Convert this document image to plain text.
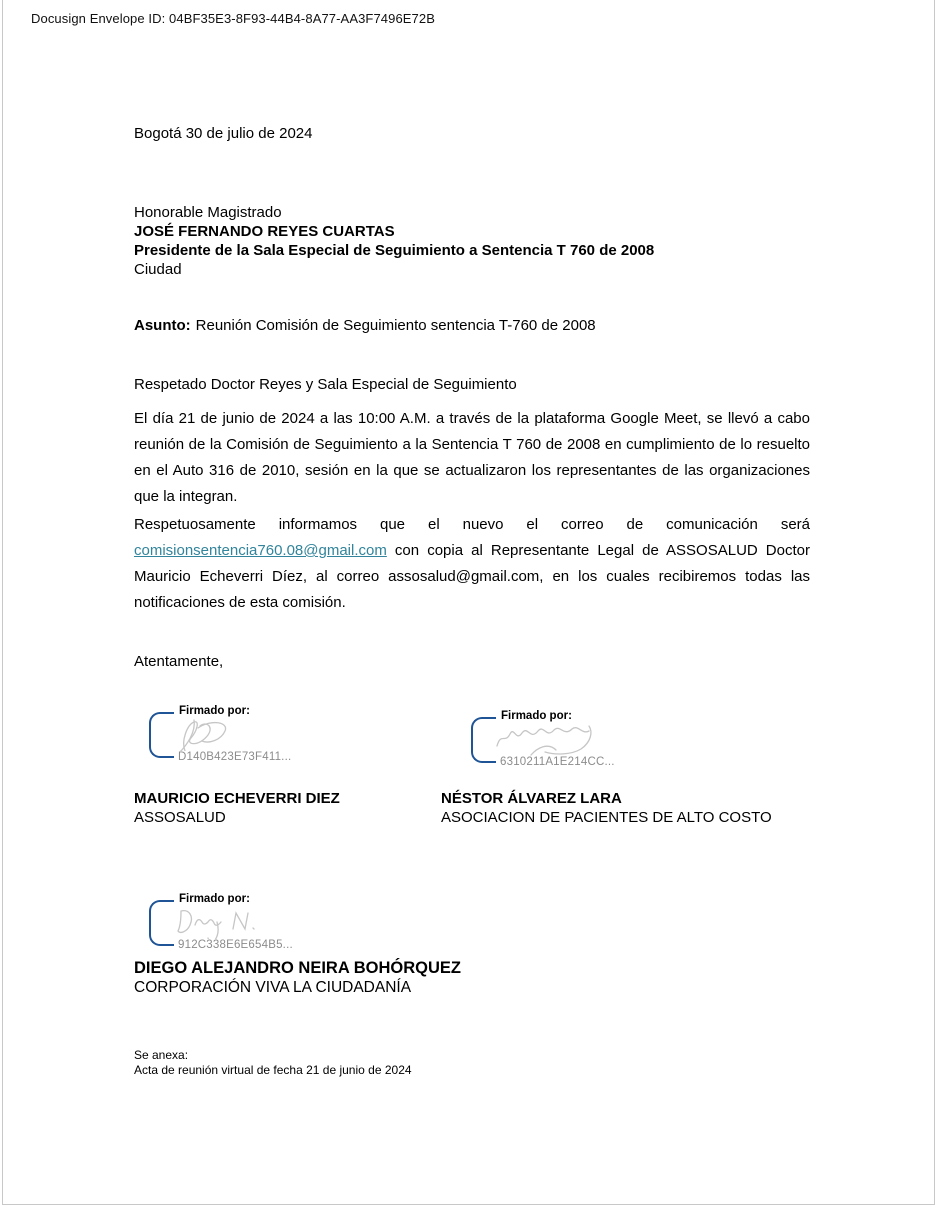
Docusign Envelope ID: 04BF35E3-8F93-44B4-8A77-AA3F7496E72B
Bogotá 30 de julio de 2024
Honorable Magistrado
JOSÉ FERNANDO REYES CUARTAS
Presidente de la Sala Especial de Seguimiento a Sentencia T 760 de 2008
Ciudad
Asunto: Reunión Comisión de Seguimiento sentencia T-760 de 2008
Respetado Doctor Reyes y Sala Especial de Seguimiento
El día 21 de junio de 2024 a las 10:00 A.M. a través de la plataforma Google Meet, se llevó a cabo reunión de la Comisión de Seguimiento a la Sentencia T 760 de 2008 en cumplimiento de lo resuelto en el Auto 316 de 2010, sesión en la que se actualizaron los representantes de las organizaciones que la integran.
Respetuosamente informamos que el nuevo el correo de comunicación será comisionsentencia760.08@gmail.com con copia al Representante Legal de ASSOSALUD Doctor Mauricio Echeverri Díez, al correo assosalud@gmail.com, en los cuales recibiremos todas las notificaciones de esta comisión.
Atentamente,
Firmado por:
D140B423E73F411...
Firmado por:
6310211A1E214CC...
MAURICIO ECHEVERRI DIEZ
ASSOSALUD
NÉSTOR ÁLVAREZ LARA
ASOCIACION DE PACIENTES DE ALTO COSTO
Firmado por:
912C338E6E654B5...
DIEGO ALEJANDRO NEIRA BOHÓRQUEZ
CORPORACIÓN VIVA LA CIUDADANÍA
Se anexa:
Acta de reunión virtual de fecha 21 de junio de 2024
